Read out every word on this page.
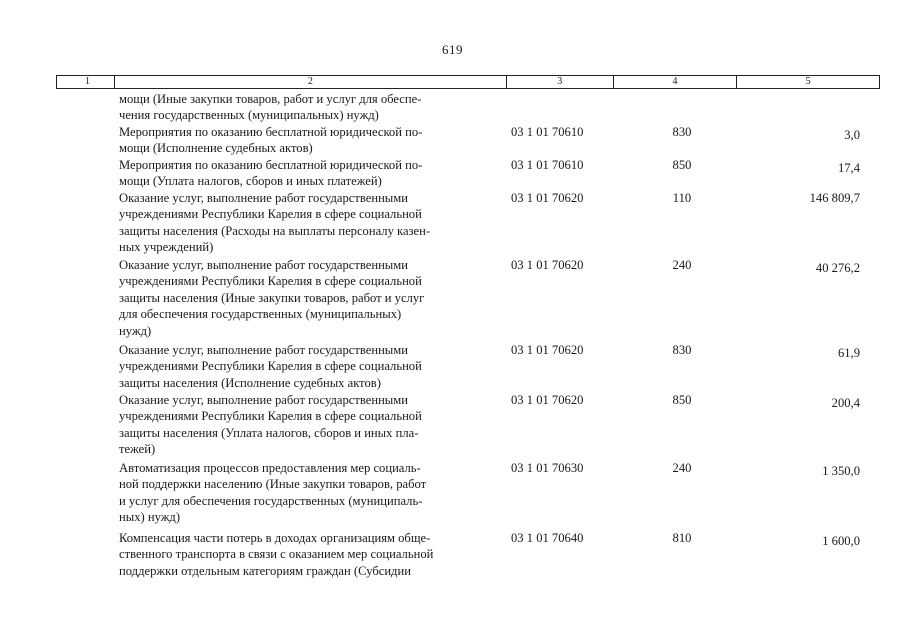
619
1	2	3	4	5
мощи (Иные закупки товаров, работ и услуг для обеспе-
чения государственных (муниципальных) нужд)
Мероприятия по оказанию бесплатной юридической по-
мощи (Исполнение судебных актов)
03 1 01 70610	830	3,0
Мероприятия по оказанию бесплатной юридической по-
мощи (Уплата налогов, сборов и иных платежей)
03 1 01 70610	850	17,4
Оказание услуг, выполнение работ государственными
учреждениями Республики Карелия в сфере социальной
защиты населения (Расходы на выплаты персоналу казен-
ных учреждений)
03 1 01 70620	110	146 809,7
Оказание услуг, выполнение работ государственными
учреждениями Республики Карелия в сфере социальной
защиты населения (Иные закупки товаров, работ и услуг
для обеспечения государственных (муниципальных)
нужд)
03 1 01 70620	240	40 276,2
Оказание услуг, выполнение работ государственными
учреждениями Республики Карелия в сфере социальной
защиты населения (Исполнение судебных актов)
03 1 01 70620	830	61,9
Оказание услуг, выполнение работ государственными
учреждениями Республики Карелия в сфере социальной
защиты населения (Уплата налогов, сборов и иных пла-
тежей)
03 1 01 70620	850	200,4
Автоматизация процессов предоставления мер социаль-
ной поддержки населению (Иные закупки товаров, работ
и услуг для обеспечения государственных (муниципаль-
ных) нужд)
03 1 01 70630	240	1 350,0
Компенсация части потерь в доходах организациям обще-
ственного транспорта в связи с оказанием мер социальной
поддержки отдельным категориям граждан (Субсидии
03 1 01 70640	810	1 600,0
